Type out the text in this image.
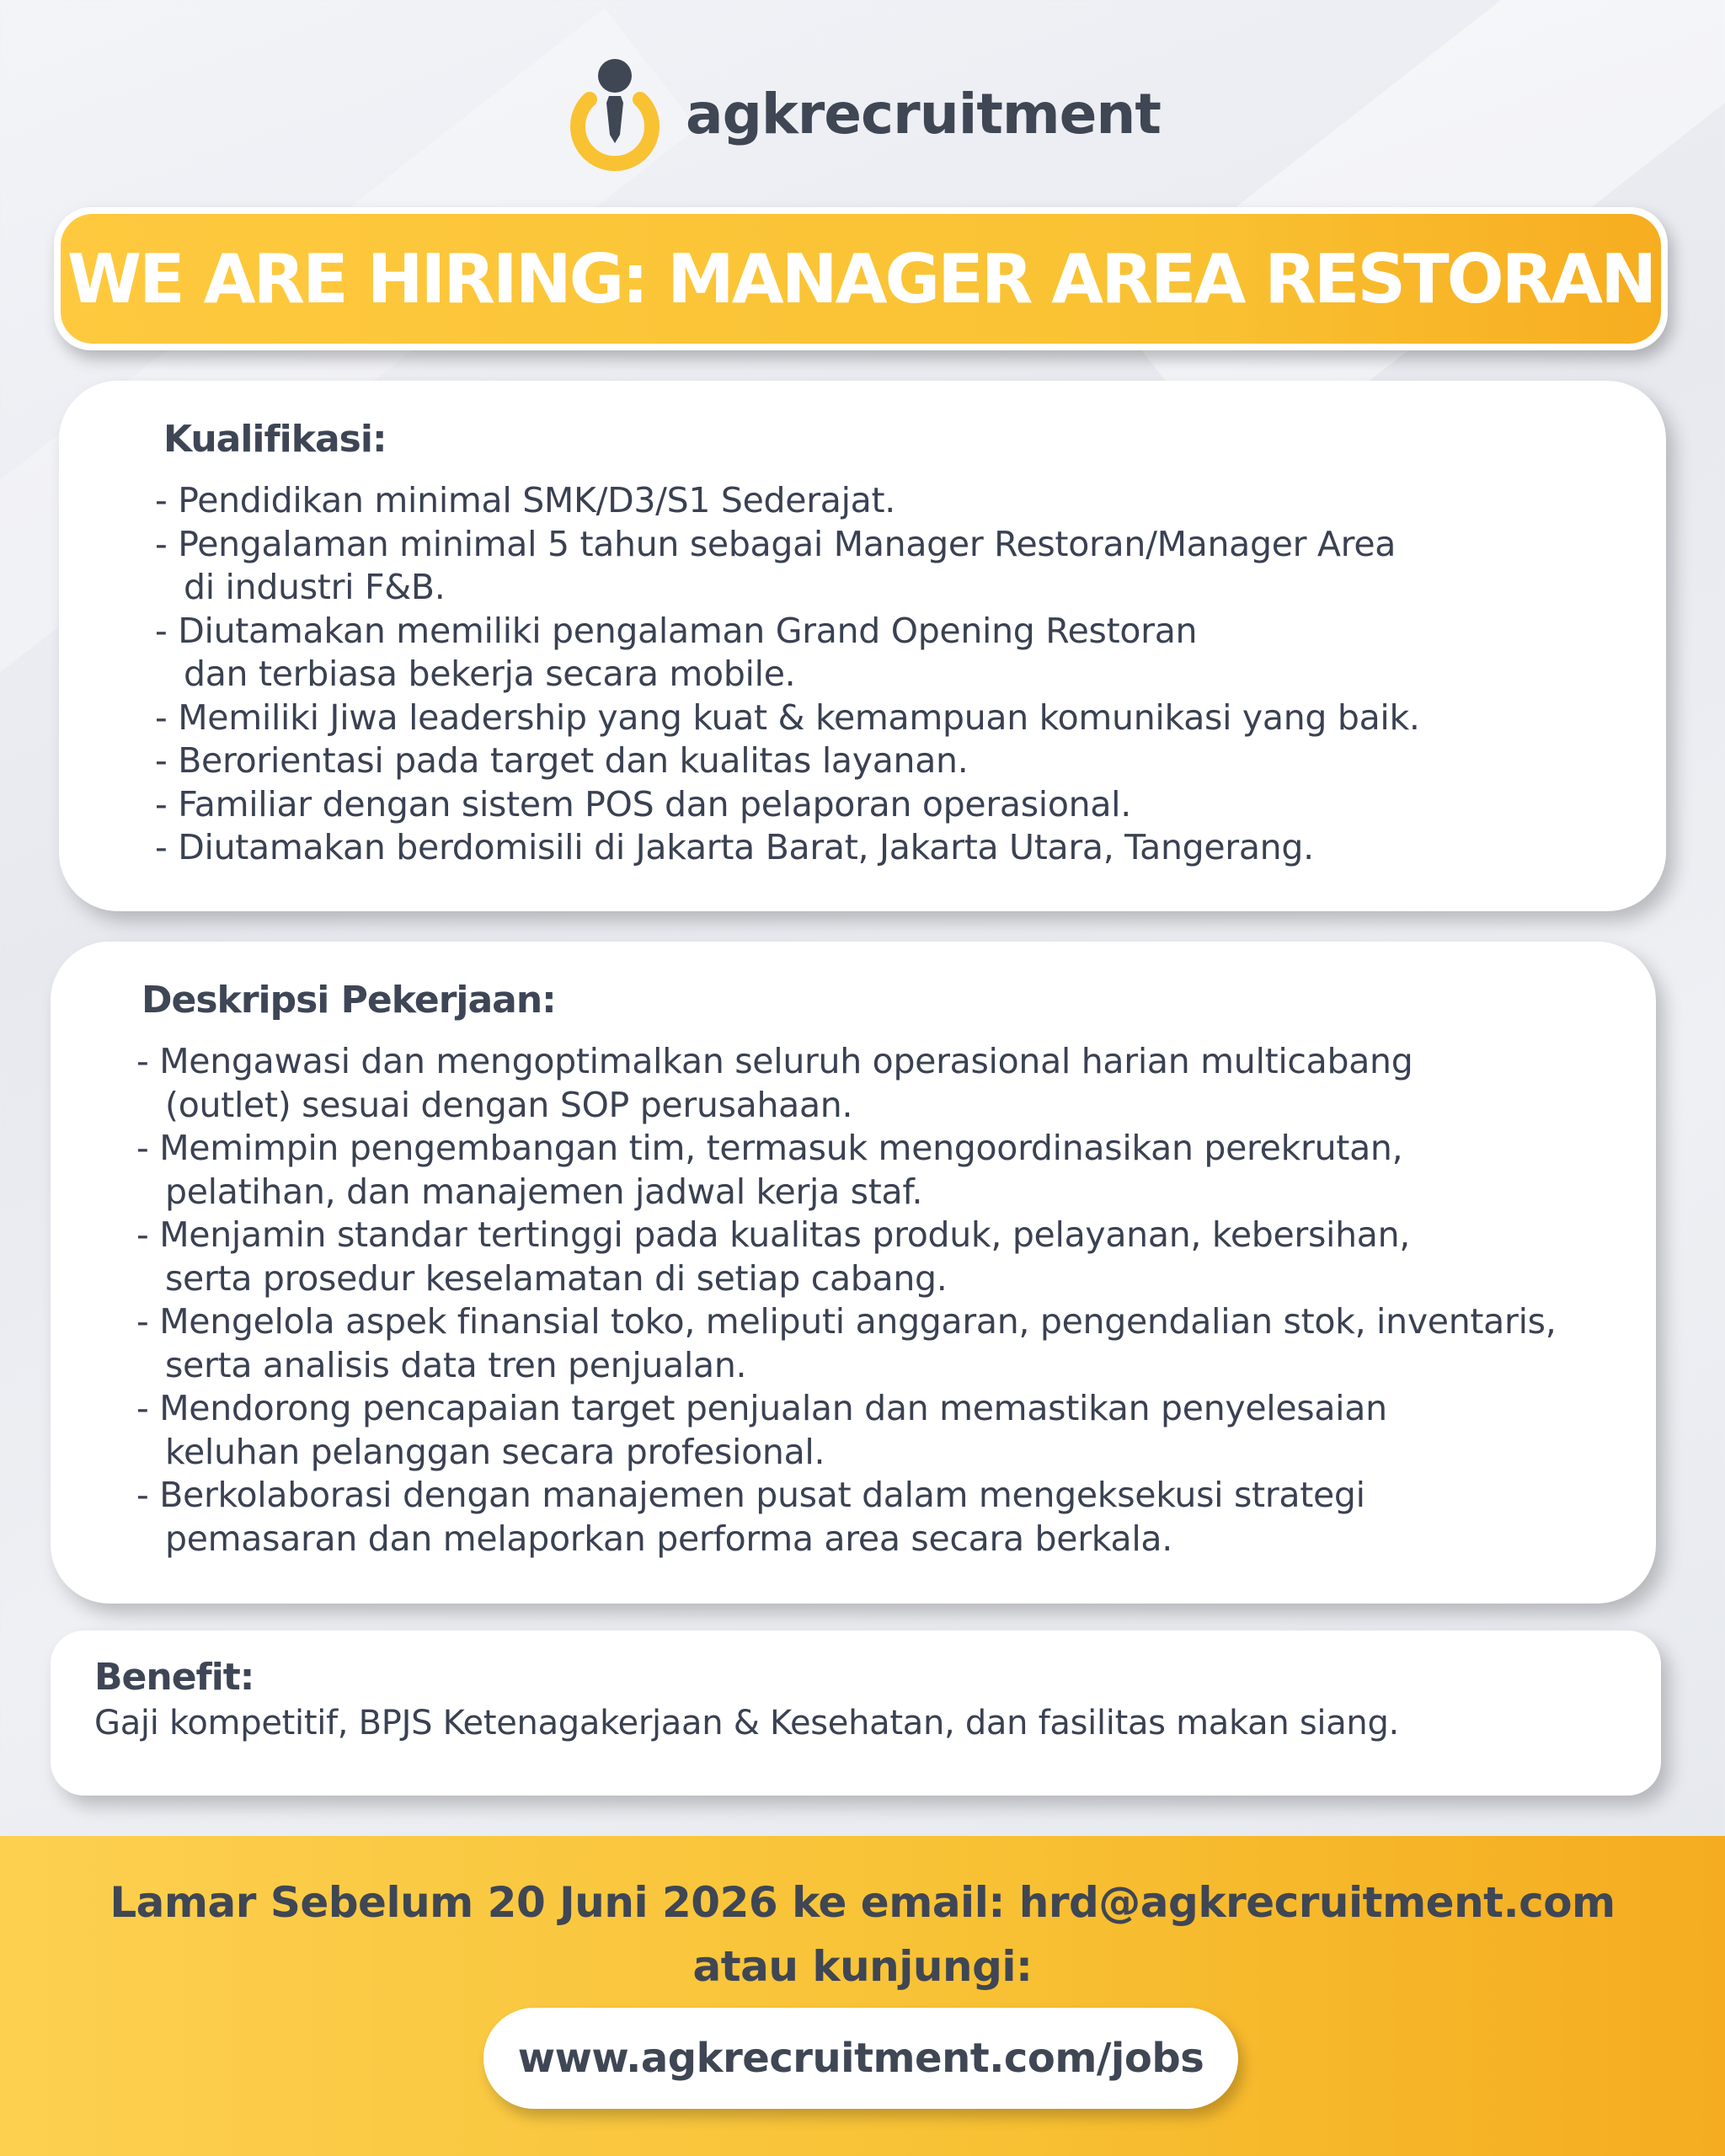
agkrecruitment
WE ARE HIRING: MANAGER AREA RESTORAN
Kualifikasi:
- Pendidikan minimal SMK/D3/S1 Sederajat.
- Pengalaman minimal 5 tahun sebagai Manager Restoran/Manager Area
di industri F&B.
- Diutamakan memiliki pengalaman Grand Opening Restoran
dan terbiasa bekerja secara mobile.
- Memiliki Jiwa leadership yang kuat & kemampuan komunikasi yang baik.
- Berorientasi pada target dan kualitas layanan.
- Familiar dengan sistem POS dan pelaporan operasional.
- Diutamakan berdomisili di Jakarta Barat, Jakarta Utara, Tangerang.
Deskripsi Pekerjaan:
- Mengawasi dan mengoptimalkan seluruh operasional harian multicabang
(outlet) sesuai dengan SOP perusahaan.
- Memimpin pengembangan tim, termasuk mengoordinasikan perekrutan,
pelatihan, dan manajemen jadwal kerja staf.
- Menjamin standar tertinggi pada kualitas produk, pelayanan, kebersihan,
serta prosedur keselamatan di setiap cabang.
- Mengelola aspek finansial toko, meliputi anggaran, pengendalian stok, inventaris,
serta analisis data tren penjualan.
- Mendorong pencapaian target penjualan dan memastikan penyelesaian
keluhan pelanggan secara profesional.
- Berkolaborasi dengan manajemen pusat dalam mengeksekusi strategi
pemasaran dan melaporkan performa area secara berkala.
Benefit:
Gaji kompetitif, BPJS Ketenagakerjaan & Kesehatan, dan fasilitas makan siang.
Lamar Sebelum 20 Juni 2026 ke email: hrd@agkrecruitment.com
atau kunjungi:
www.agkrecruitment.com/jobs
